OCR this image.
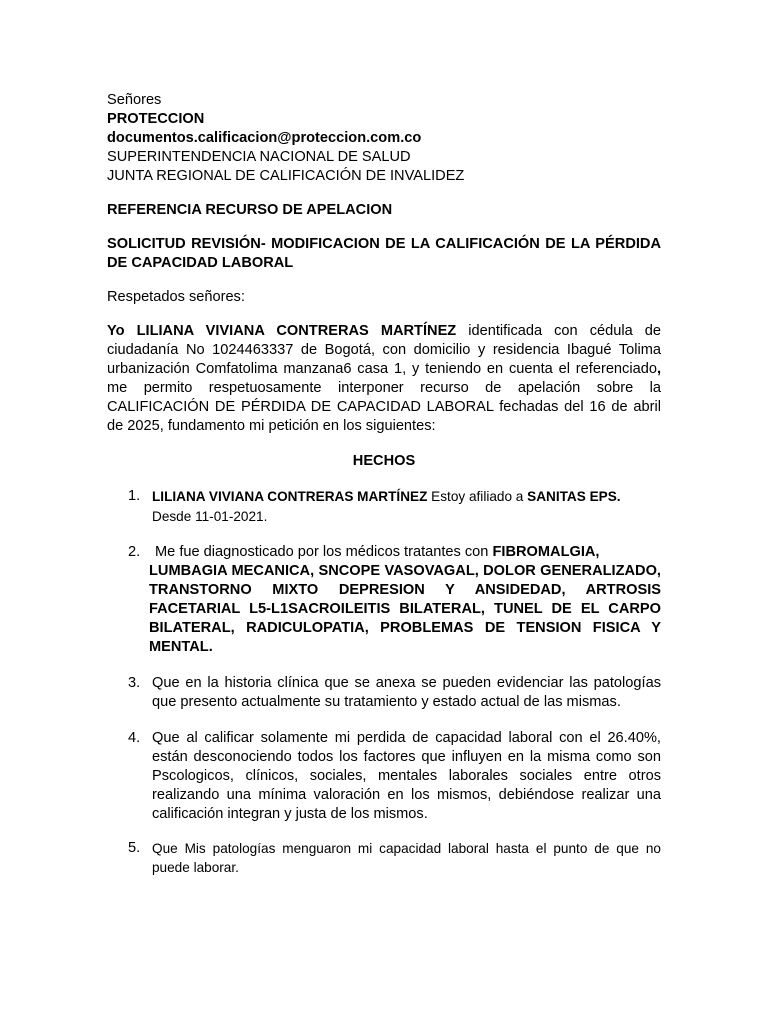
Señores
PROTECCION
documentos.calificacion@proteccion.com.co
SUPERINTENDENCIA NACIONAL DE SALUD
JUNTA REGIONAL DE CALIFICACIÓN DE INVALIDEZ

REFERENCIA RECURSO DE APELACION

SOLICITUD REVISIÓN- MODIFICACION DE LA CALIFICACIÓN DE LA PÉRDIDA DE CAPACIDAD LABORAL

Respetados señores:

Yo LILIANA VIVIANA CONTRERAS MARTÍNEZ identificada con cédula de ciudadanía No 1024463337 de Bogotá, con domicilio y residencia Ibagué Tolima urbanización Comfatolima manzana6 casa 1, y teniendo en cuenta el referenciado, me permito respetuosamente interponer recurso de apelación sobre la CALIFICACIÓN DE PÉRDIDA DE CAPACIDAD LABORAL fechadas del 16 de abril de 2025, fundamento mi petición en los siguientes:

HECHOS

1. LILIANA VIVIANA CONTRERAS MARTÍNEZ Estoy afiliado a SANITAS EPS.
Desde 11-01-2021.
2.	Me fue diagnosticado por los médicos tratantes con FIBROMALGIA,
LUMBAGIA MECANICA, SNCOPE VASOVAGAL, DOLOR GENERALIZADO, TRANSTORNO MIXTO DEPRESION Y ANSIDEDAD, ARTROSIS FACETARIAL L5-L1SACROILEITIS BILATERAL, TUNEL DE EL CARPO BILATERAL, RADICULOPATIA, PROBLEMAS DE TENSION FISICA Y MENTAL.
3. Que en la historia clínica que se anexa se pueden evidenciar las patologías que presento actualmente su tratamiento y estado actual de las mismas.
4. Que al calificar solamente mi perdida de capacidad laboral con el 26.40%, están desconociendo todos los factores que influyen en la misma como son Pscologicos, clínicos, sociales, mentales laborales sociales entre otros realizando una mínima valoración en los mismos, debiéndose realizar una calificación integran y justa de los mismos.
5. Que Mis patologías menguaron mi capacidad laboral hasta el punto de que no puede laborar.
